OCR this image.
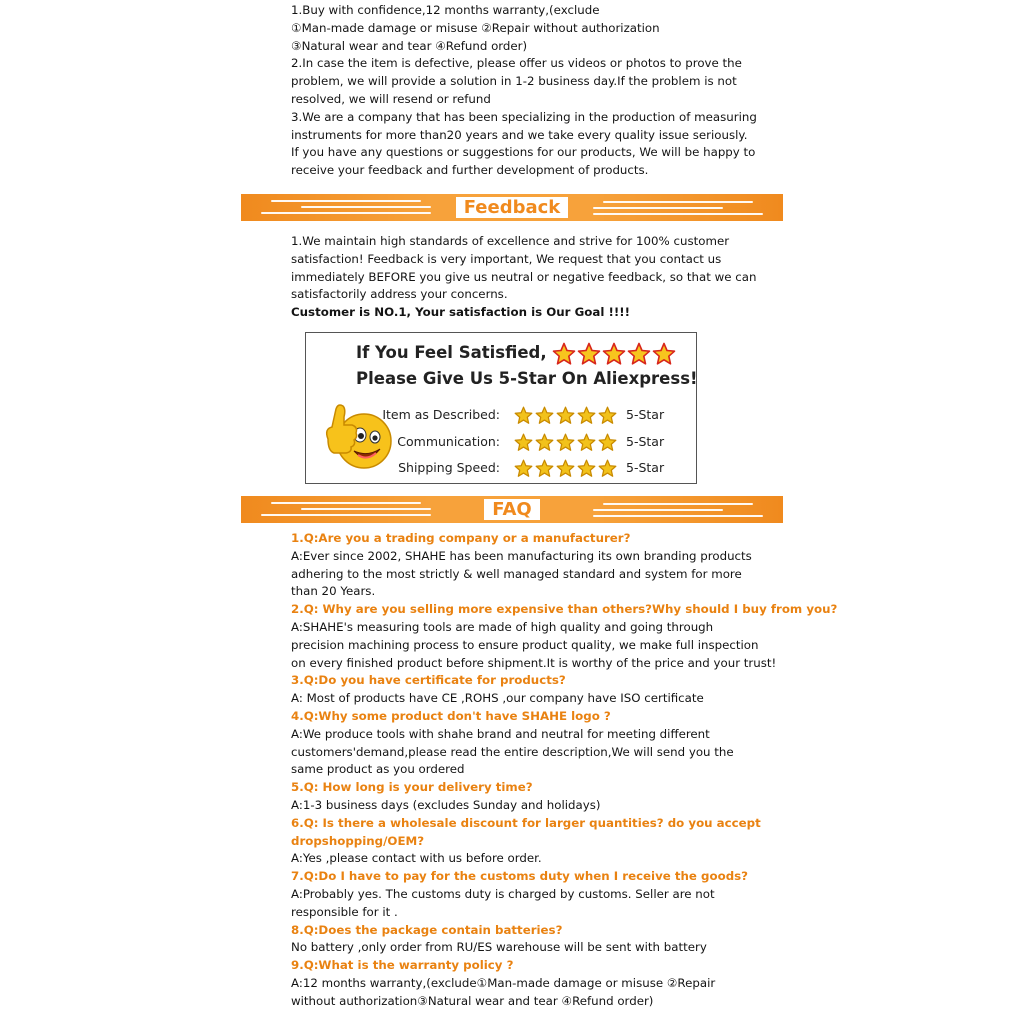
1.Buy with confidence,12 months warranty,(exclude
①Man-made damage or misuse ②Repair without authorization
③Natural wear and tear ④Refund order)
2.In case the item is defective, please offer us videos or photos to prove the
problem, we will provide a solution in 1-2 business day.If the problem is not
resolved, we will resend or refund
3.We are a company that has been specializing in the production of measuring
instruments for more than20 years and we take every quality issue seriously.
If you have any questions or suggestions for our products, We will be happy to
receive your feedback and further development of products.
Feedback
1.We maintain high standards of excellence and strive for 100% customer
satisfaction! Feedback is very important, We request that you contact us
immediately BEFORE you give us neutral or negative feedback, so that we can
satisfactorily address your concerns.
Customer is NO.1, Your satisfaction is Our Goal !!!!
If You Feel Satisfied,
Please Give Us 5-Star On Aliexpress!
Item as Described:	5-Star
Communication:	5-Star
Shipping Speed:	5-Star
FAQ
1.Q:Are you a trading company or a manufacturer?
A:Ever since 2002, SHAHE has been manufacturing its own branding products
adhering to the most strictly & well managed standard and system for more
than 20 Years.
2.Q: Why are you selling more expensive than others?Why should I buy from you?
A:SHAHE's measuring tools are made of high quality and going through
precision machining process to ensure product quality, we make full inspection
on every finished product before shipment.It is worthy of the price and your trust!
3.Q:Do you have certificate for products?
A: Most of products have CE ,ROHS ,our company have ISO certificate
4.Q:Why some product don't have SHAHE logo ?
A:We produce tools with shahe brand and neutral for meeting different
customers'demand,please read the entire description,We will send you the
same product as you ordered
5.Q: How long is your delivery time?
A:1-3 business days (excludes Sunday and holidays)
6.Q: Is there a wholesale discount for larger quantities? do you accept
dropshopping/OEM?
A:Yes ,please contact with us before order.
7.Q:Do I have to pay for the customs duty when I receive the goods?
A:Probably yes. The customs duty is charged by customs. Seller are not
responsible for it .
8.Q:Does the package contain batteries?
No battery ,only order from RU/ES warehouse will be sent with battery
9.Q:What is the warranty policy ?
A:12 months warranty,(exclude①Man-made damage or misuse ②Repair
without authorization③Natural wear and tear ④Refund order)
